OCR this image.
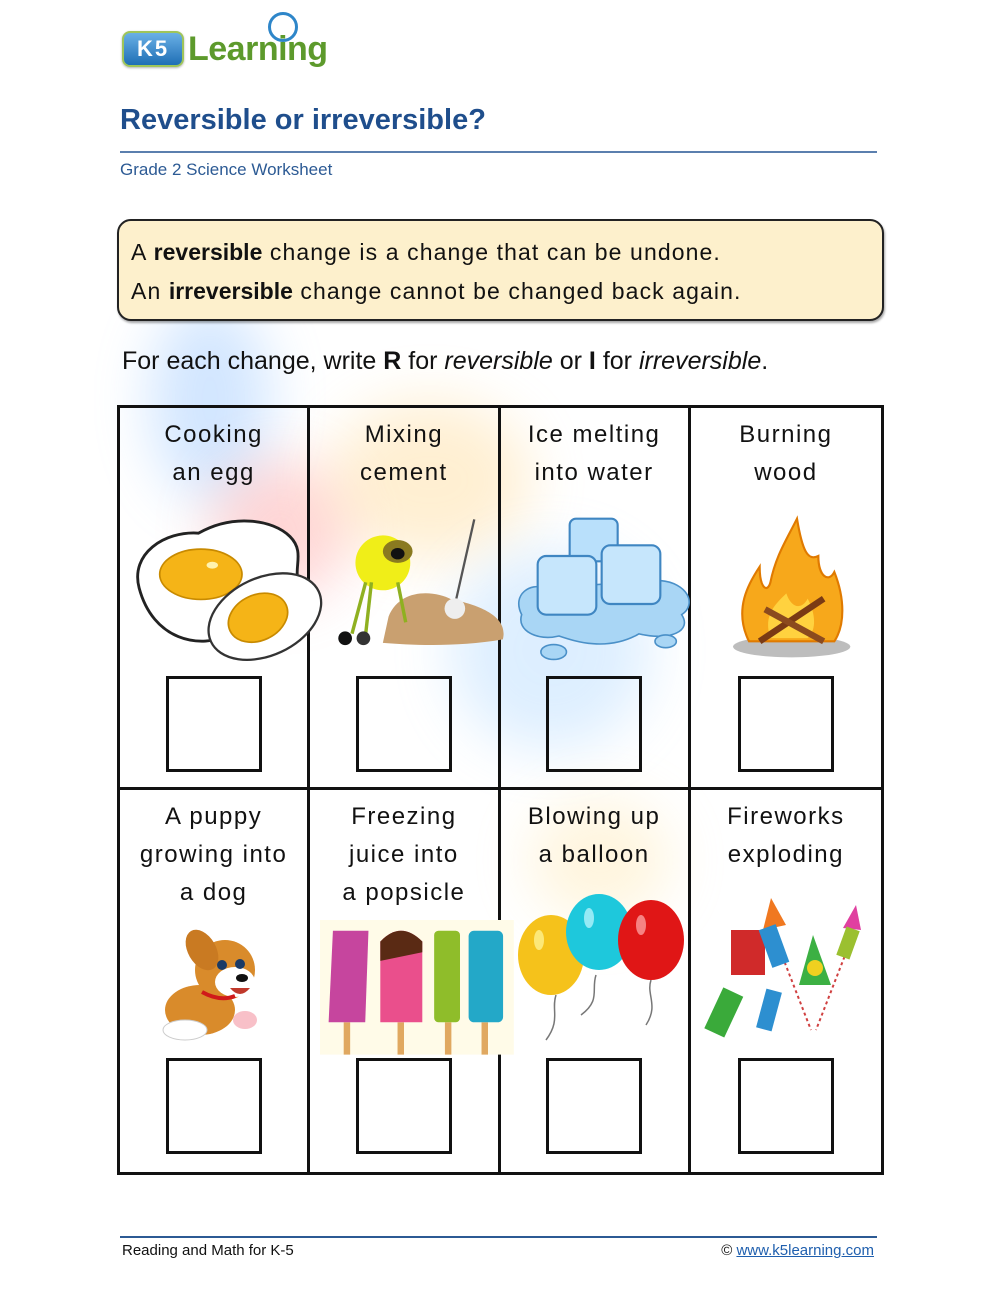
K5 Learning
Reversible or irreversible?
Grade 2 Science Worksheet
A reversible change is a change that can be undone.
An irreversible change cannot be changed back again.
For each change, write R for reversible or I for irreversible.
Cooking
an egg
Mixing
cement
Ice melting
into water
Burning
wood
A puppy
growing into
a dog
Freezing
juice into
a popsicle
Blowing up
a balloon
Fireworks
exploding
Reading and Math for K-5	© www.k5learning.com
